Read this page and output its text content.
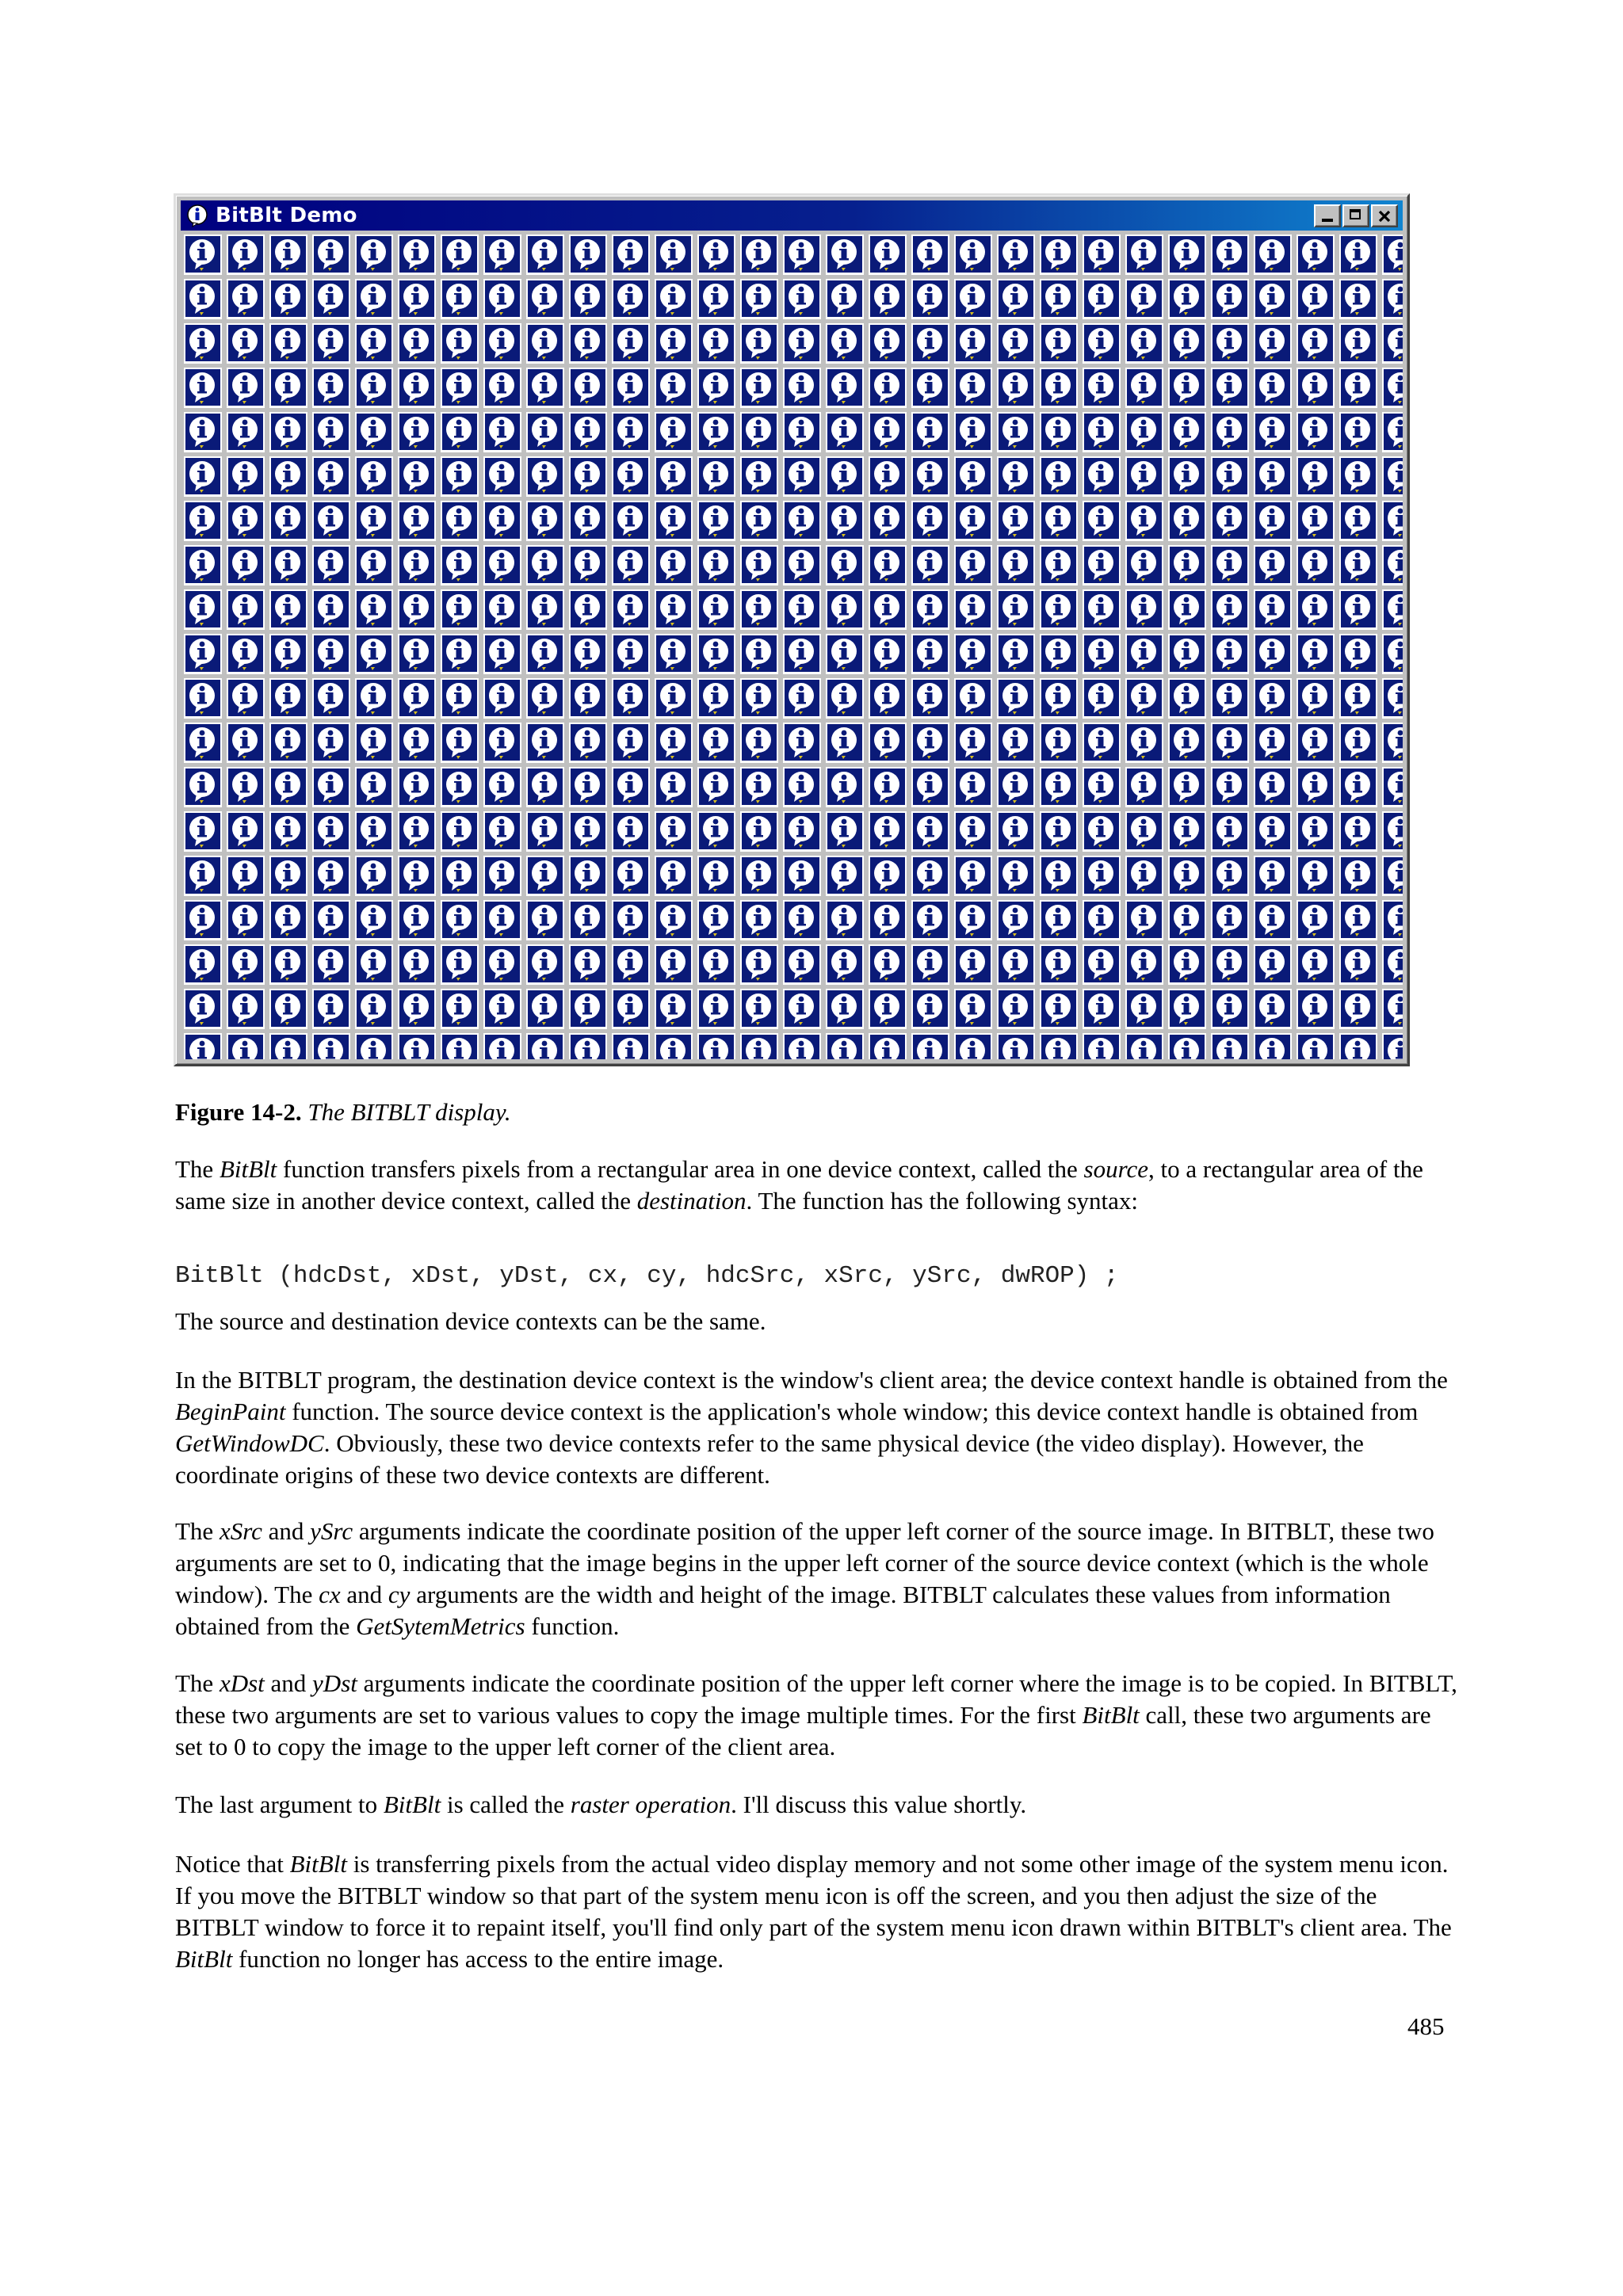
BitBlt Demo

Figure 14-2. The BITBLT display.

The BitBlt function transfers pixels from a rectangular area in one device context, called the source, to a rectangular area of the same size in another device context, called the destination. The function has the following syntax:

BitBlt (hdcDst, xDst, yDst, cx, cy, hdcSrc, xSrc, ySrc, dwROP) ;

The source and destination device contexts can be the same.

In the BITBLT program, the destination device context is the window's client area; the device context handle is obtained from the BeginPaint function. The source device context is the application's whole window; this device context handle is obtained from GetWindowDC. Obviously, these two device contexts refer to the same physical device (the video display). However, the coordinate origins of these two device contexts are different.

The xSrc and ySrc arguments indicate the coordinate position of the upper left corner of the source image. In BITBLT, these two arguments are set to 0, indicating that the image begins in the upper left corner of the source device context (which is the whole window). The cx and cy arguments are the width and height of the image. BITBLT calculates these values from information obtained from the GetSytemMetrics function.

The xDst and yDst arguments indicate the coordinate position of the upper left corner where the image is to be copied. In BITBLT, these two arguments are set to various values to copy the image multiple times. For the first BitBlt call, these two arguments are set to 0 to copy the image to the upper left corner of the client area.

The last argument to BitBlt is called the raster operation. I'll discuss this value shortly.

Notice that BitBlt is transferring pixels from the actual video display memory and not some other image of the system menu icon. If you move the BITBLT window so that part of the system menu icon is off the screen, and you then adjust the size of the BITBLT window to force it to repaint itself, you'll find only part of the system menu icon drawn within BITBLT's client area. The BitBlt function no longer has access to the entire image.

485
